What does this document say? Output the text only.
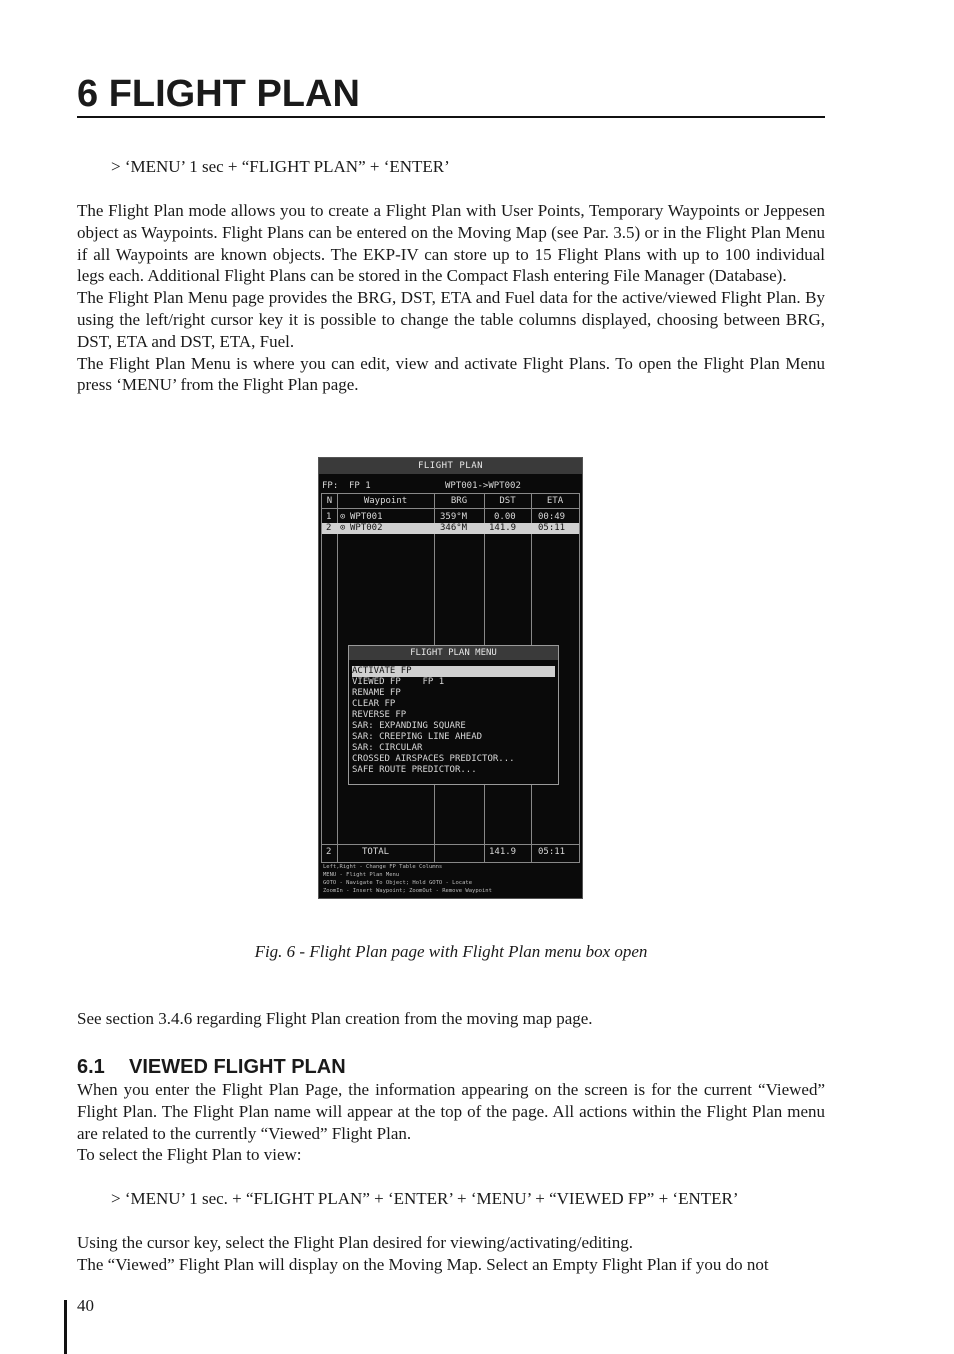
6 FLIGHT PLAN
> ‘MENU’ 1 sec + “FLIGHT PLAN” + ‘ENTER’

The Flight Plan mode allows you to create a Flight Plan with User Points, Temporary Waypoints or Jeppesen object as Waypoints. Flight Plans can be entered on the Moving Map (see Par. 3.5) or in the Flight Plan Menu if all Waypoints are known objects. The EKP-IV can store up to 15 Flight Plans with up to 100 individual legs each. Additional Flight Plans can be stored in the Compact Flash entering File Manager (Database).

The Flight Plan Menu page provides the BRG, DST, ETA and Fuel data for the active/viewed Flight Plan. By using the left/right cursor key it is possible to change the table columns displayed, choosing between BRG, DST, ETA and DST, ETA, Fuel.

The Flight Plan Menu is where you can edit, view and activate Flight Plans. To open the Flight Plan Menu press ‘MENU’ from the Flight Plan page.

FLIGHT PLAN
FP: FP 1	WPT001->WPT002
N	Waypoint	BRG	DST	ETA
1 ⊙ WPT001	359°M	0.00 00:49
2 ⊙ WPT002	346°M 141.9 05:11
FLIGHT PLAN MENU
ACTIVATE FP
VIEWED FP    FP 1
RENAME FP
CLEAR FP
REVERSE FP
SAR: EXPANDING SQUARE
SAR: CREEPING LINE AHEAD
SAR: CIRCULAR
CROSSED AIRSPACES PREDICTOR...
SAFE ROUTE PREDICTOR...
2	TOTAL	141.9 05:11
Left,Right - Change FP Table Columns
MENU - Flight Plan Menu
GOTO - Navigate To Object; Hold GOTO - Locate
ZoomIn - Insert Waypoint; ZoomOut - Remove Waypoint
Fig. 6 - Flight Plan page with Flight Plan menu box open

See section 3.4.6 regarding Flight Plan creation from the moving map page.

6.1 VIEWED FLIGHT PLAN

When you enter the Flight Plan Page, the information appearing on the screen is for the current “Viewed” Flight Plan. The Flight Plan name will appear at the top of the page. All actions within the Flight Plan menu are related to the currently “Viewed” Flight Plan.

To select the Flight Plan to view:

> ‘MENU’ 1 sec. + “FLIGHT PLAN” + ‘ENTER’ + ‘MENU’ + “VIEWED FP” + ‘ENTER’

Using the cursor key, select the Flight Plan desired for viewing/activating/editing.

The “Viewed” Flight Plan will display on the Moving Map. Select an Empty Flight Plan if you do not

40
